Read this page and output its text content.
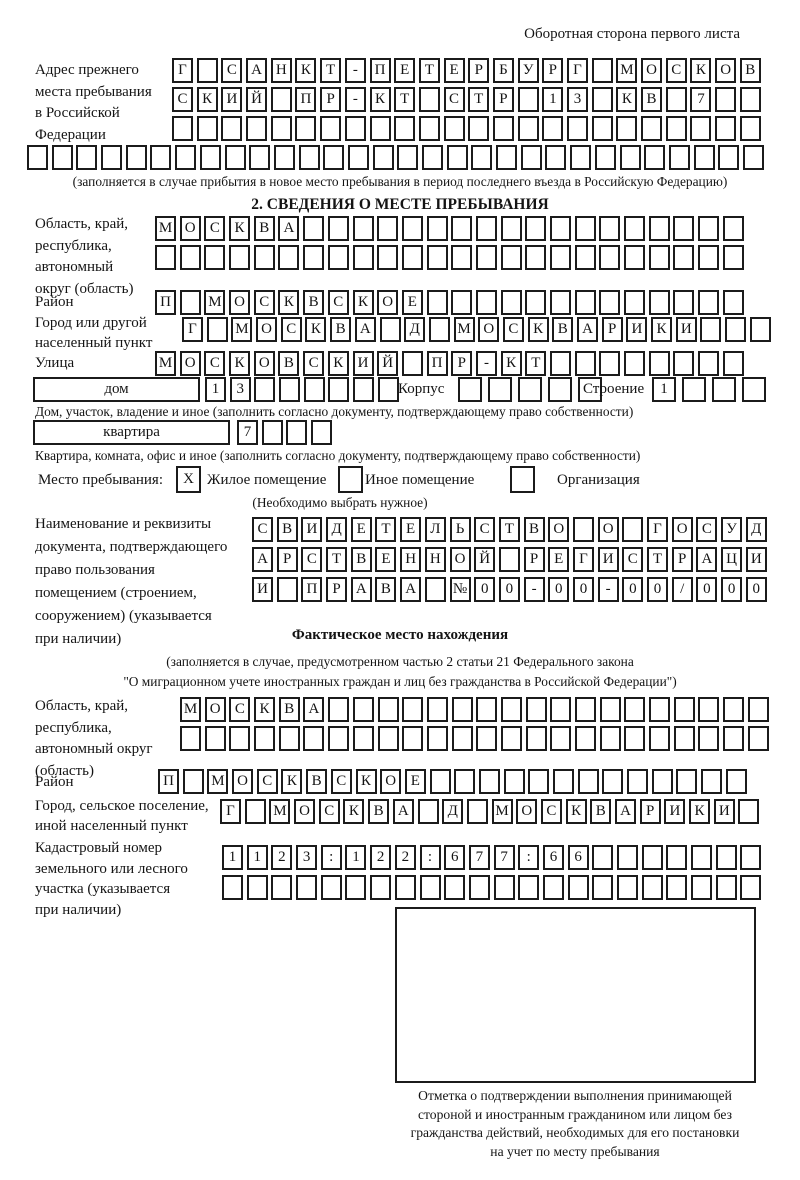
Оборотная сторона первого листа
Адрес прежнего
места пребывания
в Российской
Федерации
Г	С А Н К Т - П Е Т Е Р Б У Р Г	М О С К О В
С К И Й	П Р - К Т	С Т Р	1 3	К В	7
(заполняется в случае прибытия в новое место пребывания в период последнего въезда в Российскую Федерацию)
2. СВЕДЕНИЯ О МЕСТЕ ПРЕБЫВАНИЯ
Область, край,
республика,
автономный
округ (область)
М О С К В А
Район	П М О С К В С К О Е
Город или другой
населенный пункт
Г	М О С К В А	Д	М О С К В А Р И К И
Улица	М О С К О В С К И Й	П Р - К Т
дом	1 3	Корпус	Строение	1
Дом, участок, владение и иное (заполнить согласно документу, подтверждающему право собственности)
квартира	7
Квартира, комната, офис и иное (заполнить согласно документу, подтверждающему право собственности)
Место пребывания:	X Жилое помещение	Иное помещение	Организация
(Необходимо выбрать нужное)
Наименование и реквизиты
документа, подтверждающего
право пользования
помещением (строением,
сооружением) (указывается
при наличии)
С В И Д Е Т Е Л Ь С Т В О	О	Г О С У Д
А Р С Т В Е Н Н О Й	Р Е Г И С Т Р А Ц И
И	П Р А В А № 0 0 - 0 0 - 0 0 / 0 0 0
Фактическое место нахождения
(заполняется в случае, предусмотренном частью 2 статьи 21 Федерального закона
"О миграционном учете иностранных граждан и лиц без гражданства в Российской Федерации")
Область, край,
республика,
автономный округ
(область)
М О С К В А
Район	П М О С К В С К О Е
Город, сельское поселение,
иной населенный пункт
Г	М О С К В А	Д	М О С К В А Р И К И
Кадастровый номер
земельного или лесного
участка (указывается
при наличии)
1 1 2 3 : 1 2 2 : 6 7 7 : 6 6
Отметка о подтверждении выполнения принимающей
стороной и иностранным гражданином или лицом без
гражданства действий, необходимых для его постановки
на учет по месту пребывания
